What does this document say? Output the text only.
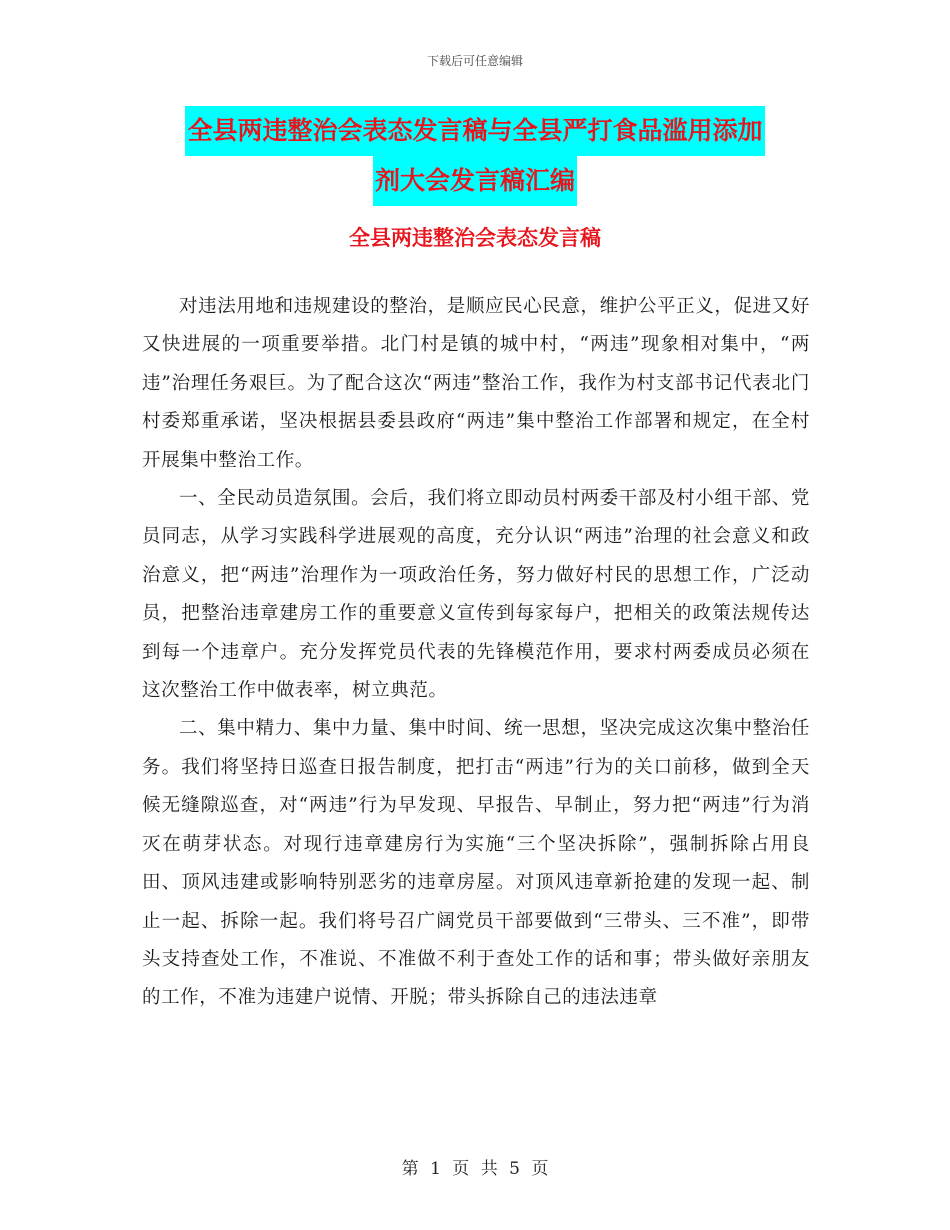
下载后可任意编辑
全县两违整治会表态发言稿与全县严打食品滥用添加
剂大会发言稿汇编
全县两违整治会表态发言稿

对违法用地和违规建设的整治，是顺应民心民意，维护公平正义，促进又好又快进展的一项重要举措。北门村是镇的城中村，“两违”现象相对集中，“两违”治理任务艰巨。为了配合这次“两违”整治工作，我作为村支部书记代表北门村委郑重承诺，坚决根据县委县政府“两违”集中整治工作部署和规定，在全村开展集中整治工作。

一、全民动员造氛围。会后，我们将立即动员村两委干部及村小组干部、党员同志，从学习实践科学进展观的高度，充分认识“两违”治理的社会意义和政治意义，把“两违”治理作为一项政治任务，努力做好村民的思想工作，广泛动员，把整治违章建房工作的重要意义宣传到每家每户，把相关的政策法规传达到每一个违章户。充分发挥党员代表的先锋模范作用，要求村两委成员必须在这次整治工作中做表率，树立典范。

二、集中精力、集中力量、集中时间、统一思想，坚决完成这次集中整治任务。我们将坚持日巡查日报告制度，把打击“两违”行为的关口前移，做到全天候无缝隙巡查，对“两违”行为早发现、早报告、早制止，努力把“两违”行为消灭在萌芽状态。对现行违章建房行为实施“三个坚决拆除”，强制拆除占用良田、顶风违建或影响特别恶劣的违章房屋。对顶风违章新抢建的发现一起、制止一起、拆除一起。我们将号召广阔党员干部要做到“三带头、三不准”，即带头支持查处工作，不准说、不准做不利于查处工作的话和事；带头做好亲朋友的工作，不准为违建户说情、开脱；带头拆除自己的违法违章

第 1 页 共 5 页
